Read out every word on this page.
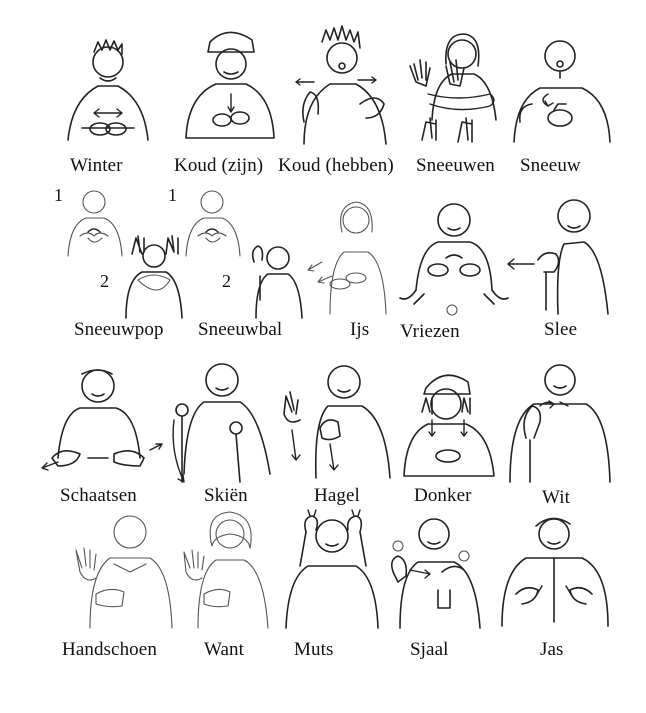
Winter	Koud (zijn) Koud (hebben) Sneeuwen Sneeuw
1
2
Sneeuwpop
1
2
Sneeuwbal	Ijs Vriezen	Slee
Schaatsen	Skiën	Hagel	Donker	Wit
Handschoen Want	Muts	Sjaal	Jas
